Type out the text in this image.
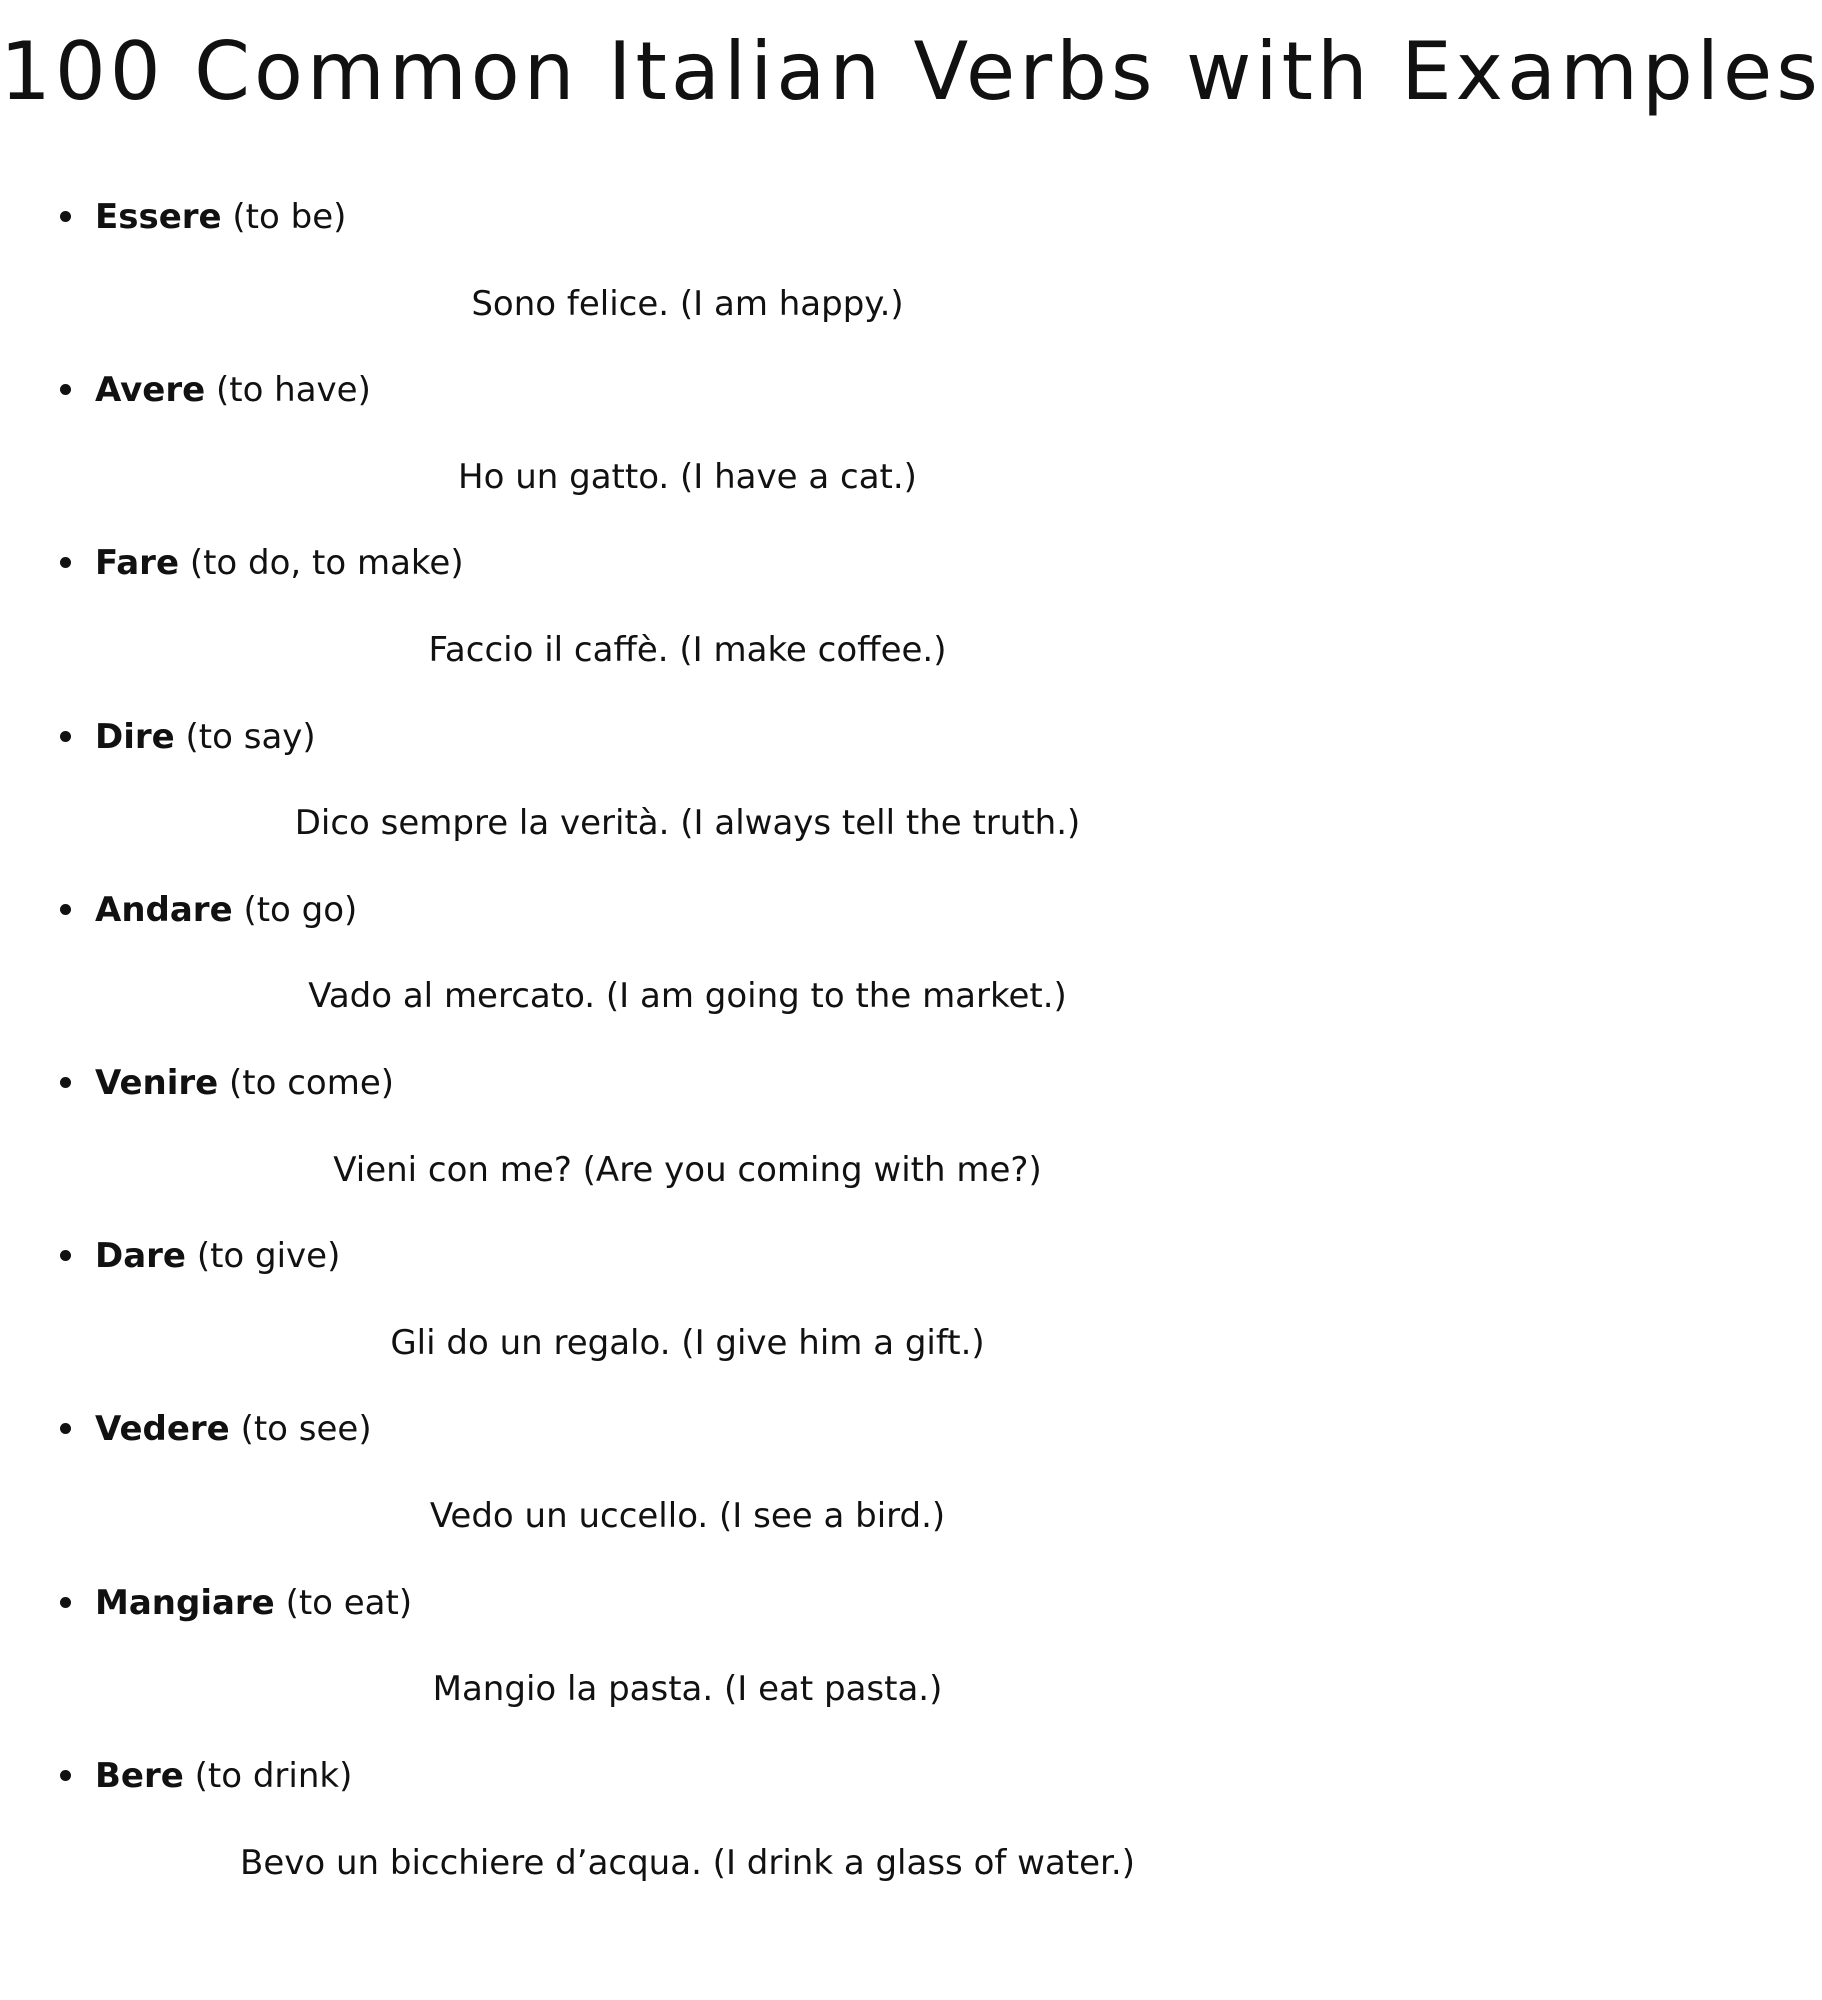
100 Common Italian Verbs with Examples
Essere (to be)
Sono felice. (I am happy.)
Avere (to have)
Ho un gatto. (I have a cat.)
Fare (to do, to make)
Faccio il caffè. (I make coffee.)
Dire (to say)
Dico sempre la verità. (I always tell the truth.)
Andare (to go)
Vado al mercato. (I am going to the market.)
Venire (to come)
Vieni con me? (Are you coming with me?)
Dare (to give)
Gli do un regalo. (I give him a gift.)
Vedere (to see)
Vedo un uccello. (I see a bird.)
Mangiare (to eat)
Mangio la pasta. (I eat pasta.)
Bere (to drink)
Bevo un bicchiere d’acqua. (I drink a glass of water.)
